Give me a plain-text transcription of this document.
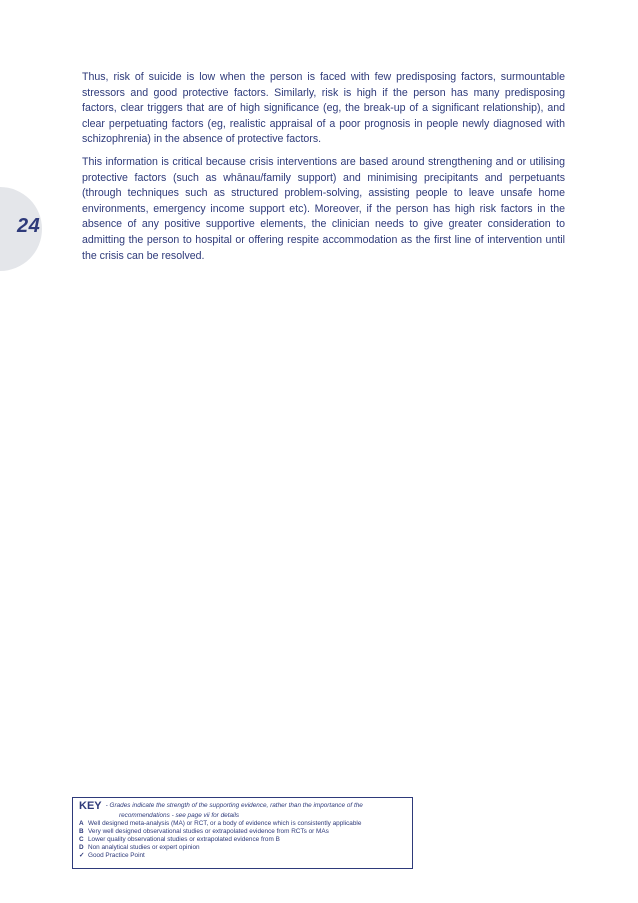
24

Thus, risk of suicide is low when the person is faced with few predisposing factors, surmountable stressors and good protective factors. Similarly, risk is high if the person has many predisposing factors, clear triggers that are of high significance (eg, the break-up of a significant relationship), and clear perpetuating factors (eg, realistic appraisal of a poor prognosis in people newly diagnosed with schizophrenia) in the absence of protective factors.

This information is critical because crisis interventions are based around strengthening and or utilising protective factors (such as whānau/family support) and minimising precipitants and perpetuants (through techniques such as structured problem-solving, assisting people to leave unsafe home environments, emergency income support etc). Moreover, if the person has high risk factors in the absence of any positive supportive elements, the clinician needs to give greater consideration to admitting the person to hospital or offering respite accommodation as the first line of intervention until the crisis can be resolved.

KEY - Grades indicate the strength of the supporting evidence, rather than the importance of the
recommendations - see page vii for details
A Well designed meta-analysis (MA) or RCT, or a body of evidence which is consistently applicable
B Very well designed observational studies or extrapolated evidence from RCTs or MAs
C Lower quality observational studies or extrapolated evidence from B
D Non analytical studies or expert opinion
✓ Good Practice Point
